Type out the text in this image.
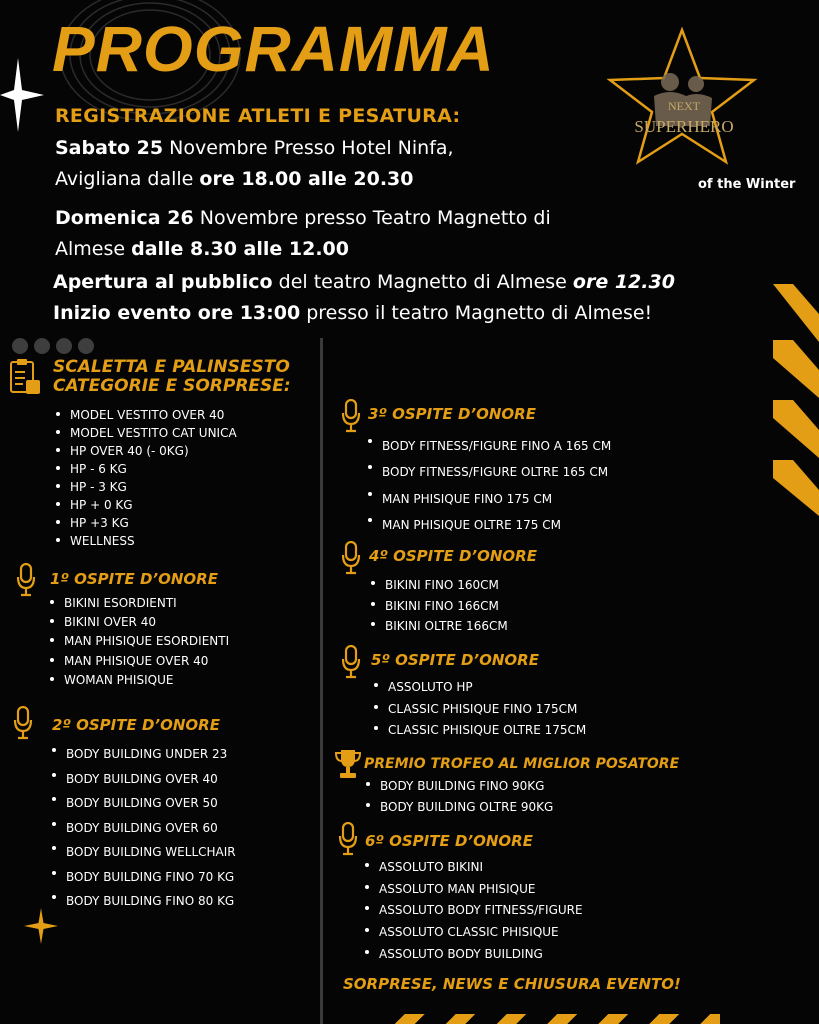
PROGRAMMA
NEXT
SUPERHERO
of the Winter
REGISTRAZIONE ATLETI E PESATURA:
Sabato 25 Novembre Presso Hotel Ninfa,
Avigliana dalle ore 18.00 alle 20.30
Domenica 26 Novembre presso Teatro Magnetto di
Almese dalle 8.30 alle 12.00
Apertura al pubblico del teatro Magnetto di Almese ore 12.30
Inizio evento ore 13:00 presso il teatro Magnetto di Almese!
SCALETTA E PALINSESTO
CATEGORIE E SORPRESE:
MODEL VESTITO OVER 40
MODEL VESTITO CAT UNICA
HP OVER 40 (- 0KG)
HP - 6 KG
HP - 3 KG
HP + 0 KG
HP +3 KG
WELLNESS
1º OSPITE D’ONORE
BIKINI ESORDIENTI
BIKINI OVER 40
MAN PHISIQUE ESORDIENTI
MAN PHISIQUE OVER 40
WOMAN PHISIQUE
2º OSPITE D’ONORE
BODY BUILDING UNDER 23
BODY BUILDING OVER 40
BODY BUILDING OVER 50
BODY BUILDING OVER 60
BODY BUILDING WELLCHAIR
BODY BUILDING FINO 70 KG
BODY BUILDING FINO 80 KG
3º OSPITE D’ONORE
BODY FITNESS/FIGURE FINO A 165 CM
BODY FITNESS/FIGURE OLTRE 165 CM
MAN PHISIQUE FINO 175 CM
MAN PHISIQUE OLTRE 175 CM
4º OSPITE D’ONORE
BIKINI FINO 160CM
BIKINI FINO 166CM
BIKINI OLTRE 166CM
5º OSPITE D’ONORE
ASSOLUTO HP
CLASSIC PHISIQUE FINO 175CM
CLASSIC PHISIQUE OLTRE 175CM
PREMIO TROFEO AL MIGLIOR POSATORE
BODY BUILDING FINO 90KG
BODY BUILDING OLTRE 90KG
6º OSPITE D’ONORE
ASSOLUTO BIKINI
ASSOLUTO MAN PHISIQUE
ASSOLUTO BODY FITNESS/FIGURE
ASSOLUTO CLASSIC PHISIQUE
ASSOLUTO BODY BUILDING
SORPRESE, NEWS E CHIUSURA EVENTO!
